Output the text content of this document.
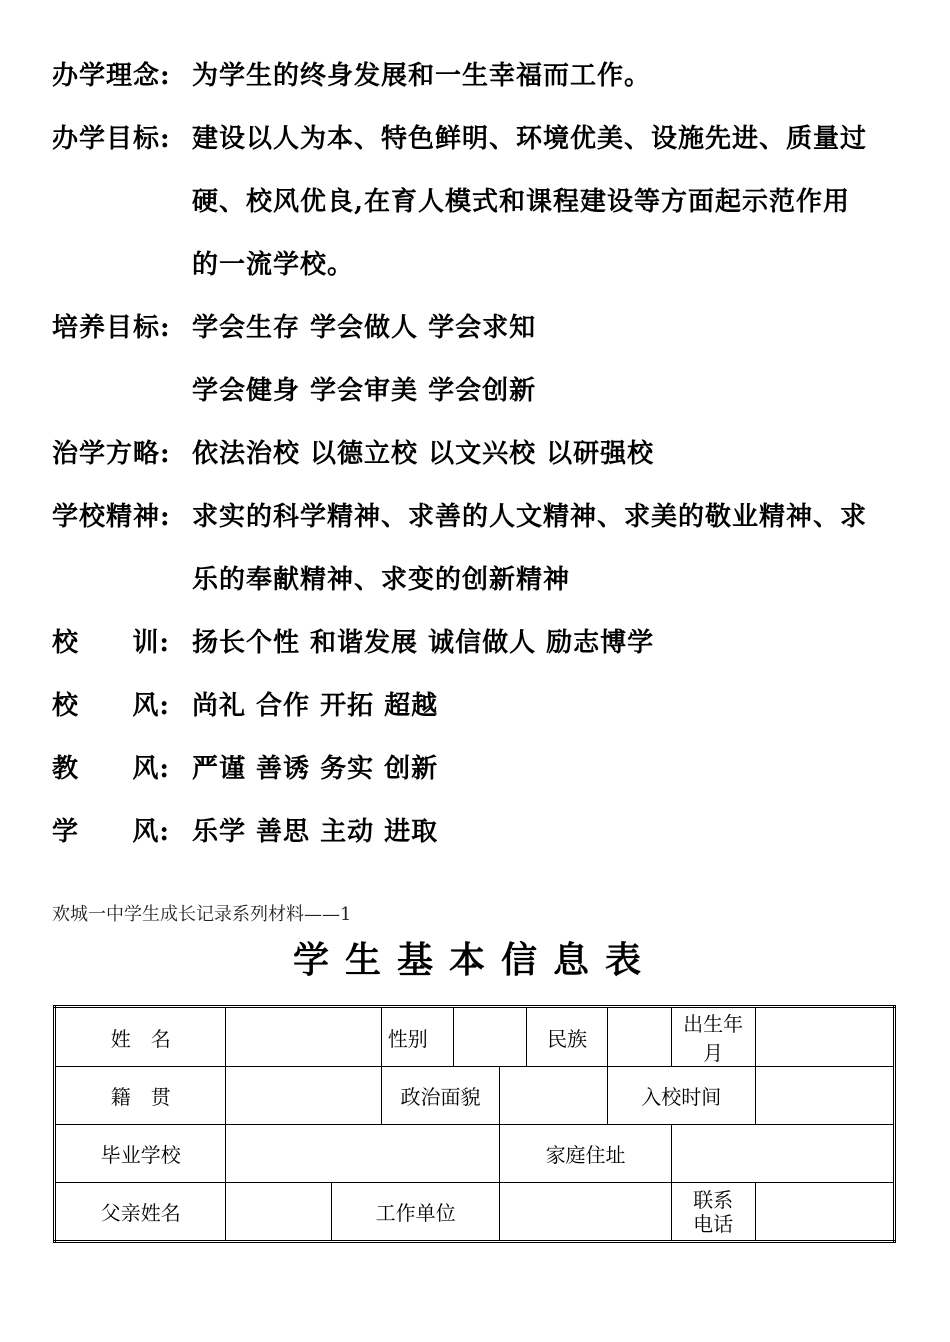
办学理念: 为学生的终身发展和一生幸福而工作。
办学目标: 建设以人为本、特色鲜明、环境优美、设施先进、质量过
硬、校风优良,在育人模式和课程建设等方面起示范作用
的一流学校。
培养目标: 学会生存 学会做人 学会求知
学会健身 学会审美 学会创新
治学方略: 依法治校 以德立校 以文兴校 以研强校
学校精神: 求实的科学精神、求善的人文精神、求美的敬业精神、求
乐的奉献精神、求变的创新精神
校 训: 扬长个性 和谐发展 诚信做人 励志博学
校 风: 尚礼 合作 开拓 超越
教 风: 严谨 善诱 务实 创新
学 风: 乐学 善思 主动 进取
欢城一中学生成长记录系列材料——1
学生基本信息表
姓　名			性别			民族		出生年月	
籍　贯			政治面貌				入校时间		
毕业学校					家庭住址				
父亲姓名		工作单位						联系
电话	
